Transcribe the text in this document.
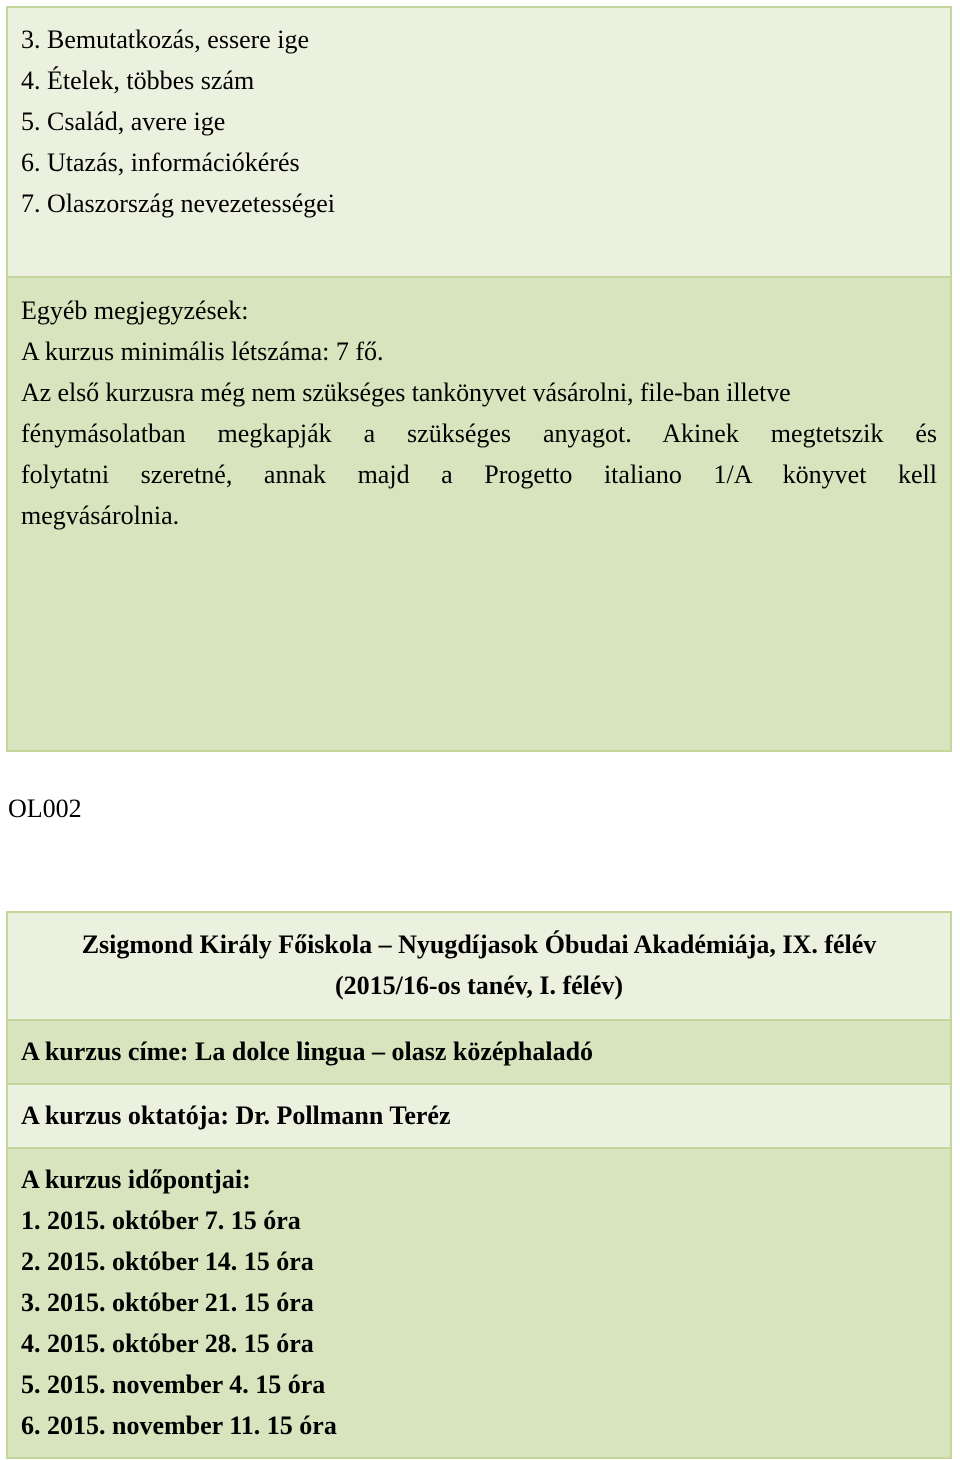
3. Bemutatkozás, essere ige
4. Ételek, többes szám
5. Család, avere ige
6. Utazás, információkérés
7. Olaszország nevezetességei
Egyéb megjegyzések:
A kurzus minimális létszáma: 7 fő.
Az első kurzusra még nem szükséges tankönyvet vásárolni, file-ban illetve
fénymásolatban megkapják a szükséges anyagot. Akinek megtetszik és
folytatni szeretné, annak majd a Progetto italiano 1/A könyvet kell
megvásárolnia.
OL002
Zsigmond Király Főiskola – Nyugdíjasok Óbudai Akadémiája, IX. félév
(2015/16-os tanév, I. félév)
A kurzus címe: La dolce lingua – olasz középhaladó
A kurzus oktatója: Dr. Pollmann Teréz
A kurzus időpontjai:
1. 2015. október 7. 15 óra
2. 2015. október 14. 15 óra
3. 2015. október 21. 15 óra
4. 2015. október 28. 15 óra
5. 2015. november 4. 15 óra
6. 2015. november 11. 15 óra
